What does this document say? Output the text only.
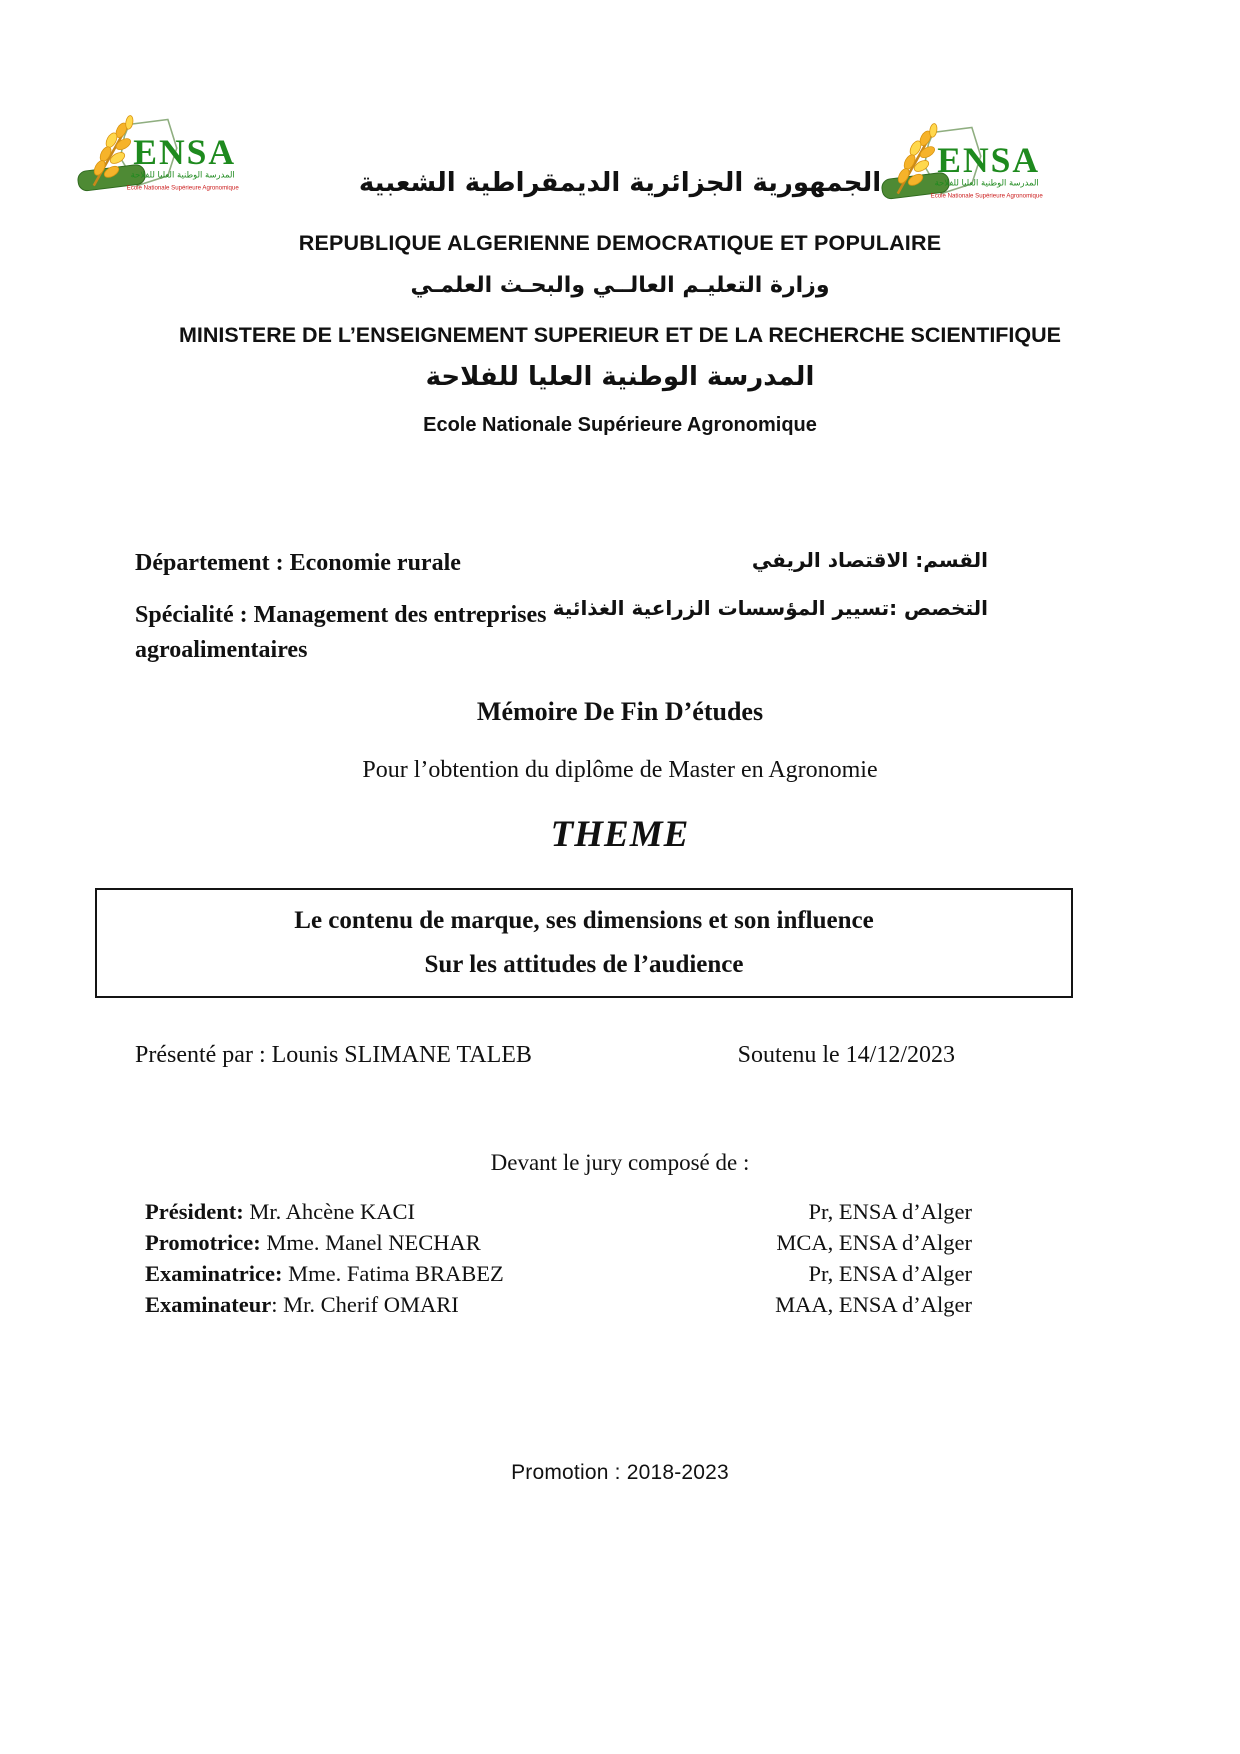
ENSA
المدرسة الوطنية العليا للفلاحة
Ecole Nationale Supérieure Agronomique
ENSA
المدرسة الوطنية العليا للفلاحة
Ecole Nationale Supérieure Agronomique
الجمهورية الجزائرية الديمقراطية الشعبية
REPUBLIQUE ALGERIENNE DEMOCRATIQUE ET POPULAIRE
وزارة التعليـم العالــي والبحـث العلمـي
MINISTERE DE L’ENSEIGNEMENT SUPERIEUR ET DE LA RECHERCHE SCIENTIFIQUE
المدرسة الوطنية العليا للفلاحة
Ecole Nationale Supérieure Agronomique
Département : Economie rurale	القسم: الاقتصاد الريفي
Spécialité : Management des entreprises agroalimentaires
التخصص :تسيير المؤسسات الزراعية الغذائية
Mémoire De Fin D’études
Pour l’obtention du diplôme de Master en Agronomie
THEME
Le contenu de marque, ses dimensions et son influence
Sur les attitudes de l’audience
Présenté par : Lounis SLIMANE TALEB	Soutenu le 14/12/2023
Devant le jury composé de :
Président: Mr. Ahcène KACI	Pr, ENSA d’Alger
Promotrice: Mme. Manel NECHAR	MCA, ENSA d’Alger
Examinatrice: Mme. Fatima BRABEZ	Pr, ENSA d’Alger
Examinateur: Mr. Cherif OMARI	MAA, ENSA d’Alger
Promotion : 2018-2023
